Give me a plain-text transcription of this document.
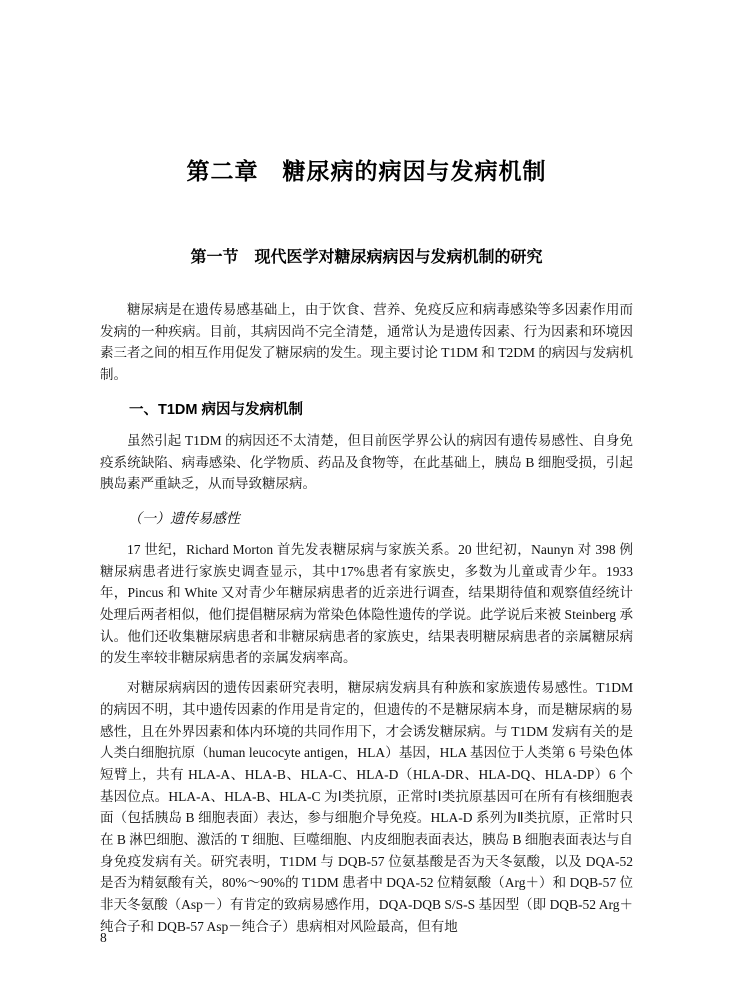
第二章　糖尿病的病因与发病机制
第一节　现代医学对糖尿病病因与发病机制的研究

糖尿病是在遗传易感基础上，由于饮食、营养、免疫反应和病毒感染等多因素作用而发病的一种疾病。目前，其病因尚不完全清楚，通常认为是遗传因素、行为因素和环境因素三者之间的相互作用促发了糖尿病的发生。现主要讨论 T1DM 和 T2DM 的病因与发病机制。

一、T1DM 病因与发病机制

虽然引起 T1DM 的病因还不太清楚，但目前医学界公认的病因有遗传易感性、自身免疫系统缺陷、病毒感染、化学物质、药品及食物等，在此基础上，胰岛 B 细胞受损，引起胰岛素严重缺乏，从而导致糖尿病。

（一）遗传易感性

17 世纪，Richard Morton 首先发表糖尿病与家族关系。20 世纪初，Naunyn 对 398 例糖尿病患者进行家族史调查显示，其中17%患者有家族史，多数为儿童或青少年。1933 年，Pincus 和 White 又对青少年糖尿病患者的近亲进行调查，结果期待值和观察值经统计处理后两者相似，他们提倡糖尿病为常染色体隐性遗传的学说。此学说后来被 Steinberg 承认。他们还收集糖尿病患者和非糖尿病患者的家族史，结果表明糖尿病患者的亲属糖尿病的发生率较非糖尿病患者的亲属发病率高。

对糖尿病病因的遗传因素研究表明，糖尿病发病具有种族和家族遗传易感性。T1DM 的病因不明，其中遗传因素的作用是肯定的，但遗传的不是糖尿病本身，而是糖尿病的易感性，且在外界因素和体内环境的共同作用下，才会诱发糖尿病。与 T1DM 发病有关的是人类白细胞抗原（human leucocyte antigen，HLA）基因，HLA 基因位于人类第 6 号染色体短臂上，共有 HLA-A、HLA-B、HLA-C、HLA-D（HLA-DR、HLA-DQ、HLA-DP）6 个基因位点。HLA-A、HLA-B、HLA-C 为Ⅰ类抗原，正常时Ⅰ类抗原基因可在所有有核细胞表面（包括胰岛 B 细胞表面）表达，参与细胞介导免疫。HLA-D 系列为Ⅱ类抗原，正常时只在 B 淋巴细胞、激活的 T 细胞、巨噬细胞、内皮细胞表面表达，胰岛 B 细胞表面表达与自身免疫发病有关。研究表明，T1DM 与 DQB-57 位氨基酸是否为天冬氨酸，以及 DQA-52 是否为精氨酸有关，80%～90%的 T1DM 患者中 DQA-52 位精氨酸（Arg＋）和 DQB-57 位非天冬氨酸（Asp－）有肯定的致病易感作用，DQA-DQB S/S-S 基因型（即 DQB-52 Arg＋纯合子和 DQB-57 Asp－纯合子）患病相对风险最高，但有地

8
